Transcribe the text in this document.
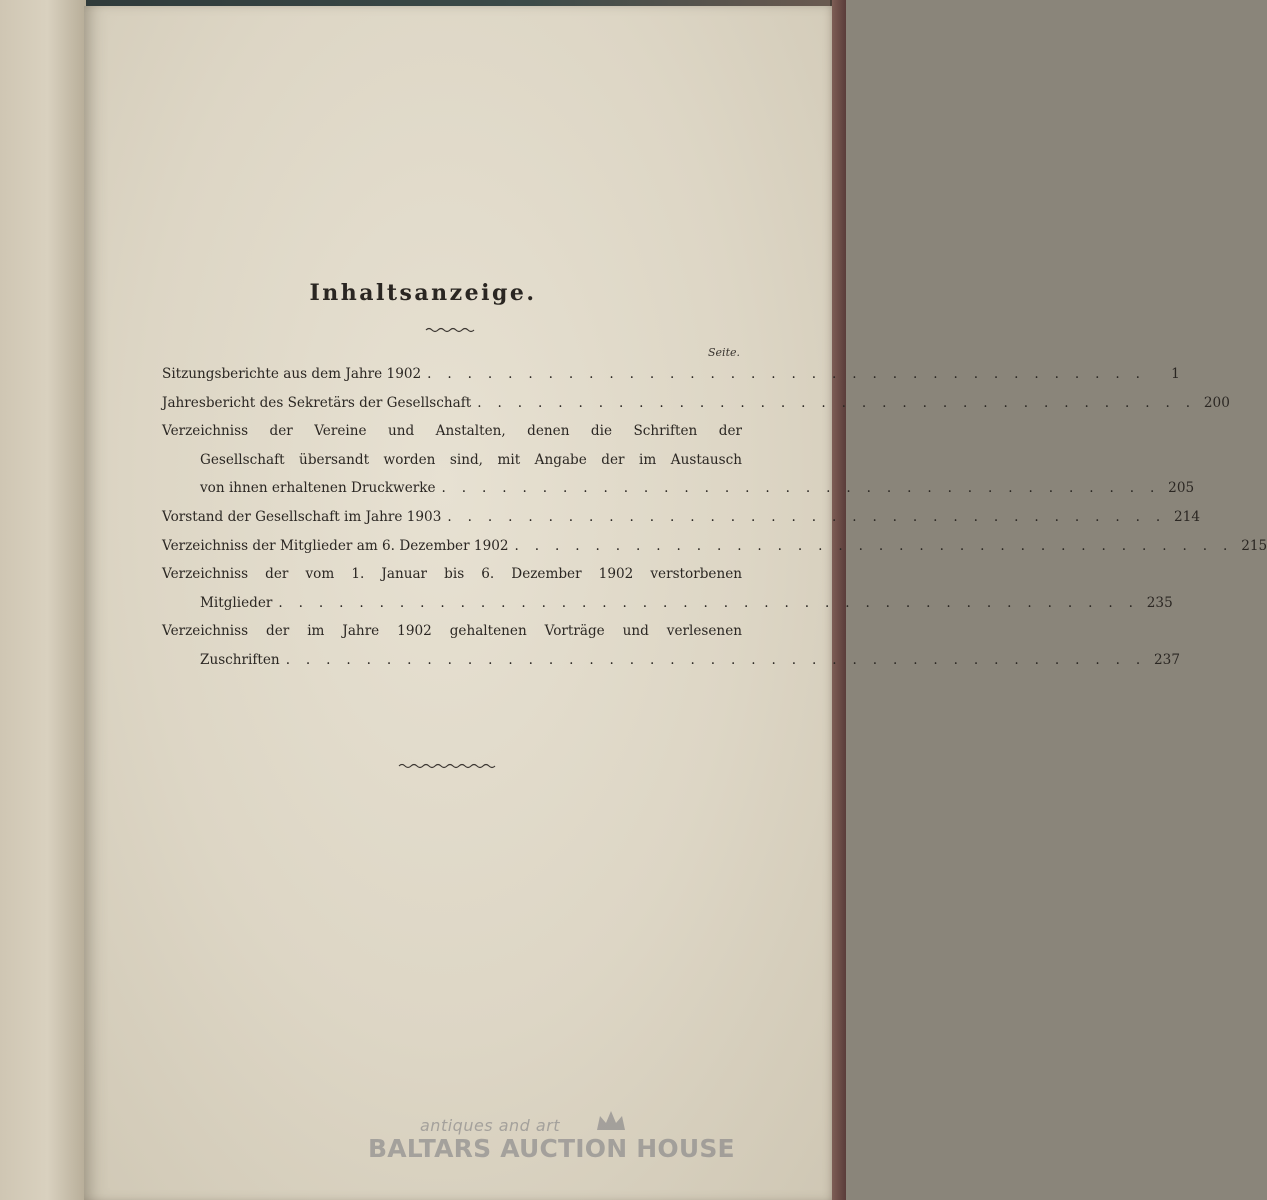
Inhaltsanzeige.
Seite.
Sitzungsberichte aus dem Jahre 1902 . . . . . . . . . . . . . . . . . . . . . . . . . . . . . . . . . . . .	1
Jahresbericht des Sekretärs der Gesellschaft . . . . . . . . . . . . . . . . . . . . . . . . . . . . . . . . . . . . 200
Verzeichniss der Vereine und Anstalten, denen die Schriften der
Gesellschaft übersandt worden sind, mit Angabe der im Austausch
von ihnen erhaltenen Druckwerke . . . . . . . . . . . . . . . . . . . . . . . . . . . . . . . . . . . . 205
Vorstand der Gesellschaft im Jahre 1903 . . . . . . . . . . . . . . . . . . . . . . . . . . . . . . . . . . . . 214
Verzeichniss der Mitglieder am 6. Dezember 1902 . . . . . . . . . . . . . . . . . . . . . . . . . . . . . . . . . . . . 215
Verzeichniss der vom 1. Januar bis 6. Dezember 1902 verstorbenen
Mitglieder . . . . . . . . . . . . . . . . . . . . . . . . . . . . . . . . . . . . . . . . . . . 235
Verzeichniss der im Jahre 1902 gehaltenen Vorträge und verlesenen
Zuschriften . . . . . . . . . . . . . . . . . . . . . . . . . . . . . . . . . . . . . . . . . . . 237
antiques and art
BALTARS AUCTION HOUSE
